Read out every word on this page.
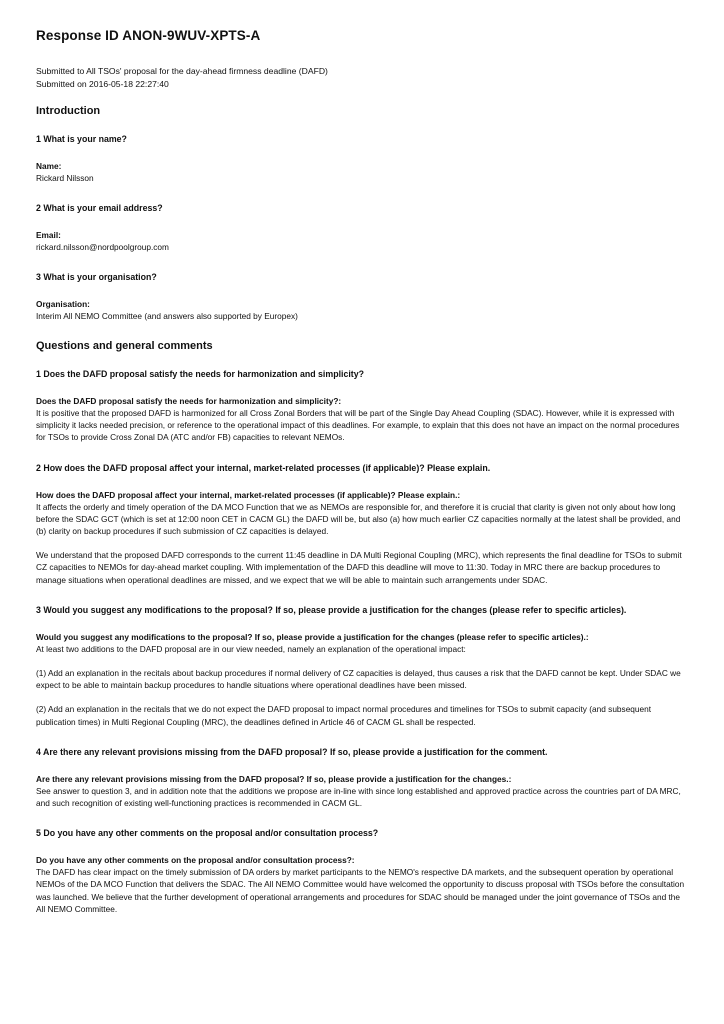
Response ID ANON-9WUV-XPTS-A
Submitted to All TSOs' proposal for the day-ahead firmness deadline (DAFD)
Submitted on 2016-05-18 22:27:40
Introduction
1 What is your name?

Name:

Rickard Nilsson

2 What is your email address?

Email:

rickard.nilsson@nordpoolgroup.com

3 What is your organisation?

Organisation:

Interim All NEMO Committee (and answers also supported by Europex)

Questions and general comments
1 Does the DAFD proposal satisfy the needs for harmonization and simplicity?

Does the DAFD proposal satisfy the needs for harmonization and simplicity?:

It is positive that the proposed DAFD is harmonized for all Cross Zonal Borders that will be part of the Single Day Ahead Coupling (SDAC). However, while it is expressed with simplicity it lacks needed precision, or reference to the operational impact of this deadlines. For example, to explain that this does not have an impact on the normal procedures for TSOs to provide Cross Zonal DA (ATC and/or FB) capacities to relevant NEMOs.

2 How does the DAFD proposal affect your internal, market-related processes (if applicable)? Please explain.

How does the DAFD proposal affect your internal, market-related processes (if applicable)? Please explain.:

It affects the orderly and timely operation of the DA MCO Function that we as NEMOs are responsible for, and therefore it is crucial that clarity is given not only about how long before the SDAC GCT (which is set at 12:00 noon CET in CACM GL) the DAFD will be, but also (a) how much earlier CZ capacities normally at the latest shall be provided, and (b) clarity on backup procedures if such submission of CZ capacities is delayed.

We understand that the proposed DAFD corresponds to the current 11:45 deadline in DA Multi Regional Coupling (MRC), which represents the final deadline for TSOs to submit CZ capacities to NEMOs for day-ahead market coupling. With implementation of the DAFD this deadline will move to 11:30. Today in MRC there are backup procedures to manage situations when operational deadlines are missed, and we expect that we will be able to maintain such arrangements under SDAC.

3 Would you suggest any modifications to the proposal? If so, please provide a justification for the changes (please refer to specific articles).

Would you suggest any modifications to the proposal? If so, please provide a justification for the changes (please refer to specific articles).:

At least two additions to the DAFD proposal are in our view needed, namely an explanation of the operational impact:

(1) Add an explanation in the recitals about backup procedures if normal delivery of CZ capacities is delayed, thus causes a risk that the DAFD cannot be kept. Under SDAC we expect to be able to maintain backup procedures to handle situations where operational deadlines have been missed.

(2) Add an explanation in the recitals that we do not expect the DAFD proposal to impact normal procedures and timelines for TSOs to submit capacity (and subsequent publication times) in Multi Regional Coupling (MRC), the deadlines defined in Article 46 of CACM GL shall be respected.

4 Are there any relevant provisions missing from the DAFD proposal? If so, please provide a justification for the comment.

Are there any relevant provisions missing from the DAFD proposal? If so, please provide a justification for the changes.:

See answer to question 3, and in addition note that the additions we propose are in-line with since long established and approved practice across the countries part of DA MRC, and such recognition of existing well-functioning practices is recommended in CACM GL.

5 Do you have any other comments on the proposal and/or consultation process?

Do you have any other comments on the proposal and/or consultation process?:

The DAFD has clear impact on the timely submission of DA orders by market participants to the NEMO's respective DA markets, and the subsequent operation by operational NEMOs of the DA MCO Function that delivers the SDAC. The All NEMO Committee would have welcomed the opportunity to discuss proposal with TSOs before the consultation was launched. We believe that the further development of operational arrangements and procedures for SDAC should be managed under the joint governance of TSOs and the All NEMO Committee.
